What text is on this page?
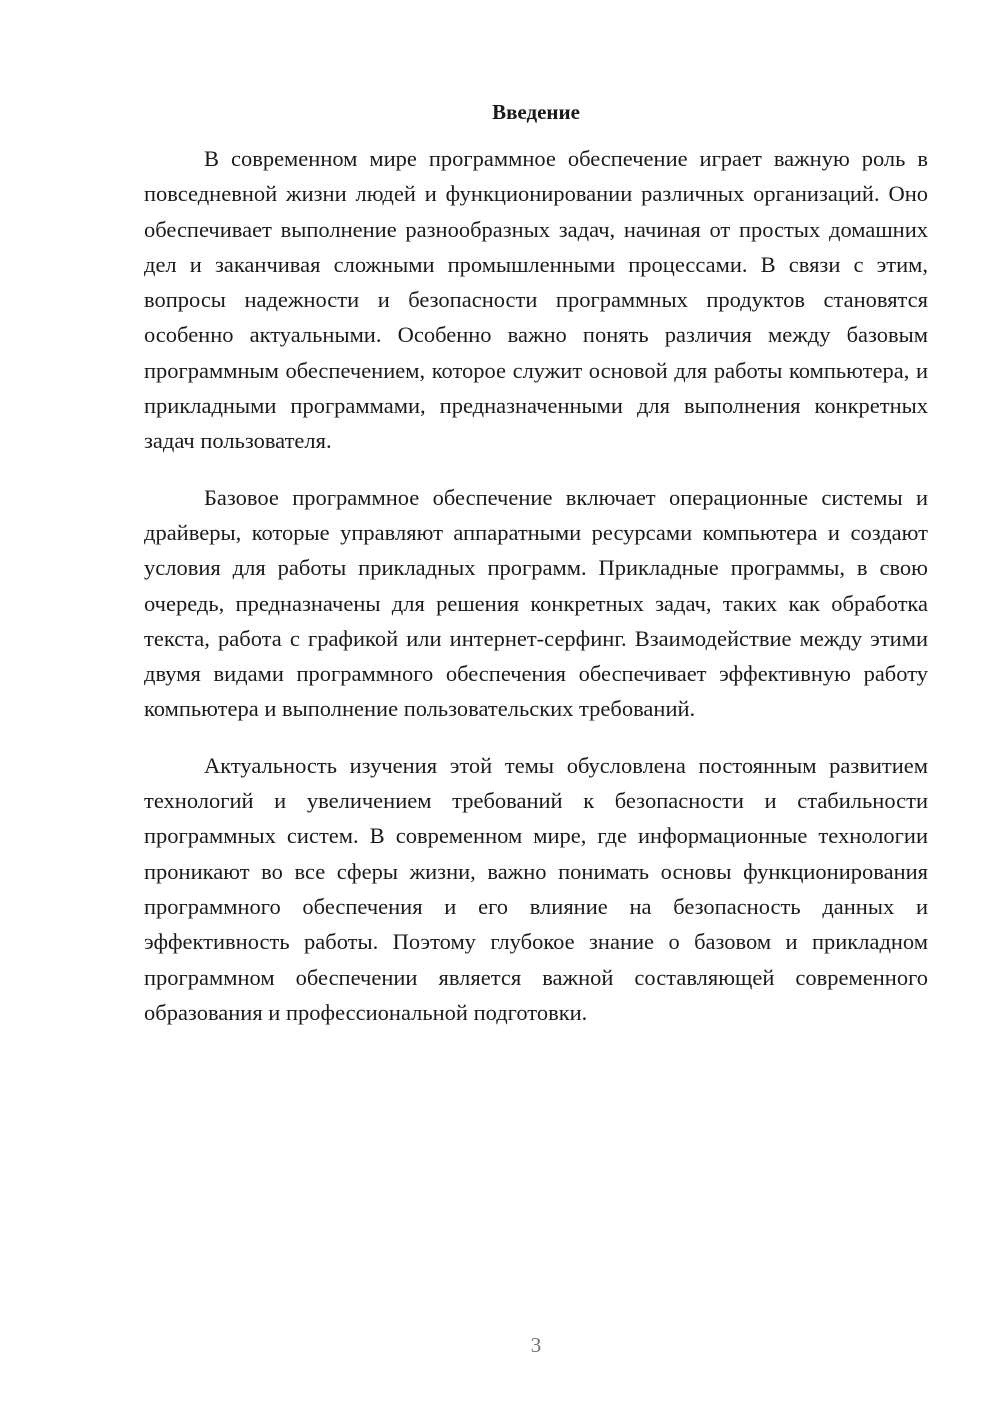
Введение

В современном мире программное обеспечение играет важную роль в повседневной жизни людей и функционировании различных организаций. Оно обеспечивает выполнение разнообразных задач, начиная от простых домашних дел и заканчивая сложными промышленными процессами. В связи с этим, вопросы надежности и безопасности программных продуктов становятся особенно актуальными. Особенно важно понять различия между базовым программным обеспечением, которое служит основой для работы компьютера, и прикладными программами, предназначенными для выполнения конкретных задач пользователя.

Базовое программное обеспечение включает операционные системы и драйверы, которые управляют аппаратными ресурсами компьютера и создают условия для работы прикладных программ. Прикладные программы, в свою очередь, предназначены для решения конкретных задач, таких как обработка текста, работа с графикой или интернет-серфинг. Взаимодействие между этими двумя видами программного обеспечения обеспечивает эффективную работу компьютера и выполнение пользовательских требований.

Актуальность изучения этой темы обусловлена постоянным развитием технологий и увеличением требований к безопасности и стабильности программных систем. В современном мире, где информационные технологии проникают во все сферы жизни, важно понимать основы функционирования программного обеспечения и его влияние на безопасность данных и эффективность работы. Поэтому глубокое знание о базовом и прикладном программном обеспечении является важной составляющей современного образования и профессиональной подготовки.

3
